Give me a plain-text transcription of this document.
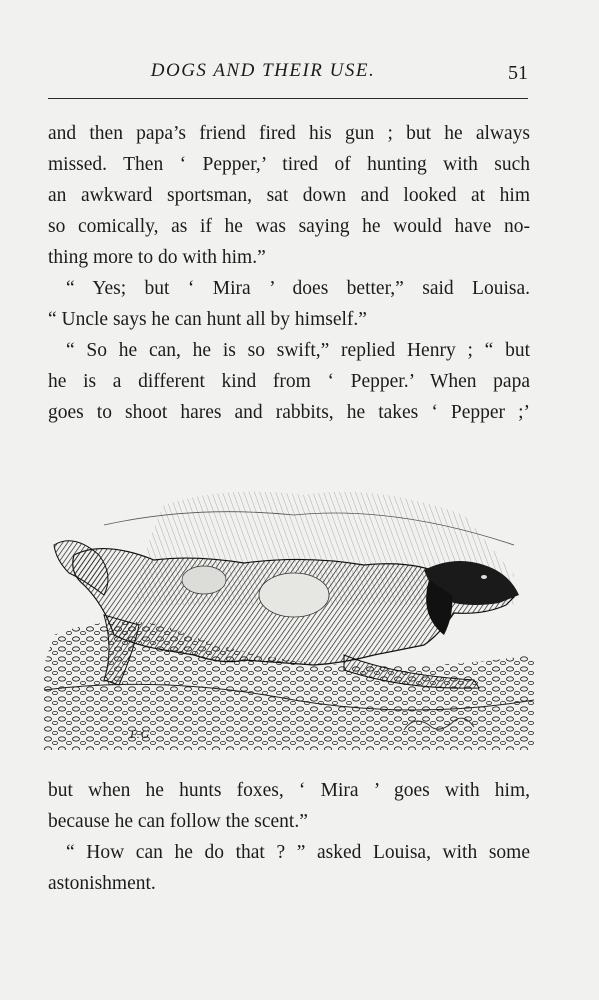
DOGS AND THEIR USE.	51
and then papa’s friend fired his gun ; but he always
missed. Then ‘ Pepper,’ tired of hunting with such
an awkward sportsman, sat down and looked at him
so comically, as if he was saying he would have no-
thing more to do with him.”
“ Yes; but ‘ Mira ’ does better,” said Louisa.
“ Uncle says he can hunt all by himself.”
“ So he can, he is so swift,” replied Henry ; “ but
he is a different kind from ‘ Pepper.’ When papa
goes to shoot hares and rabbits, he takes ‘ Pepper ;’
F.G
but when he hunts foxes, ‘ Mira ’ goes with him,
because he can follow the scent.”
“ How can he do that ? ” asked Louisa, with some
astonishment.
